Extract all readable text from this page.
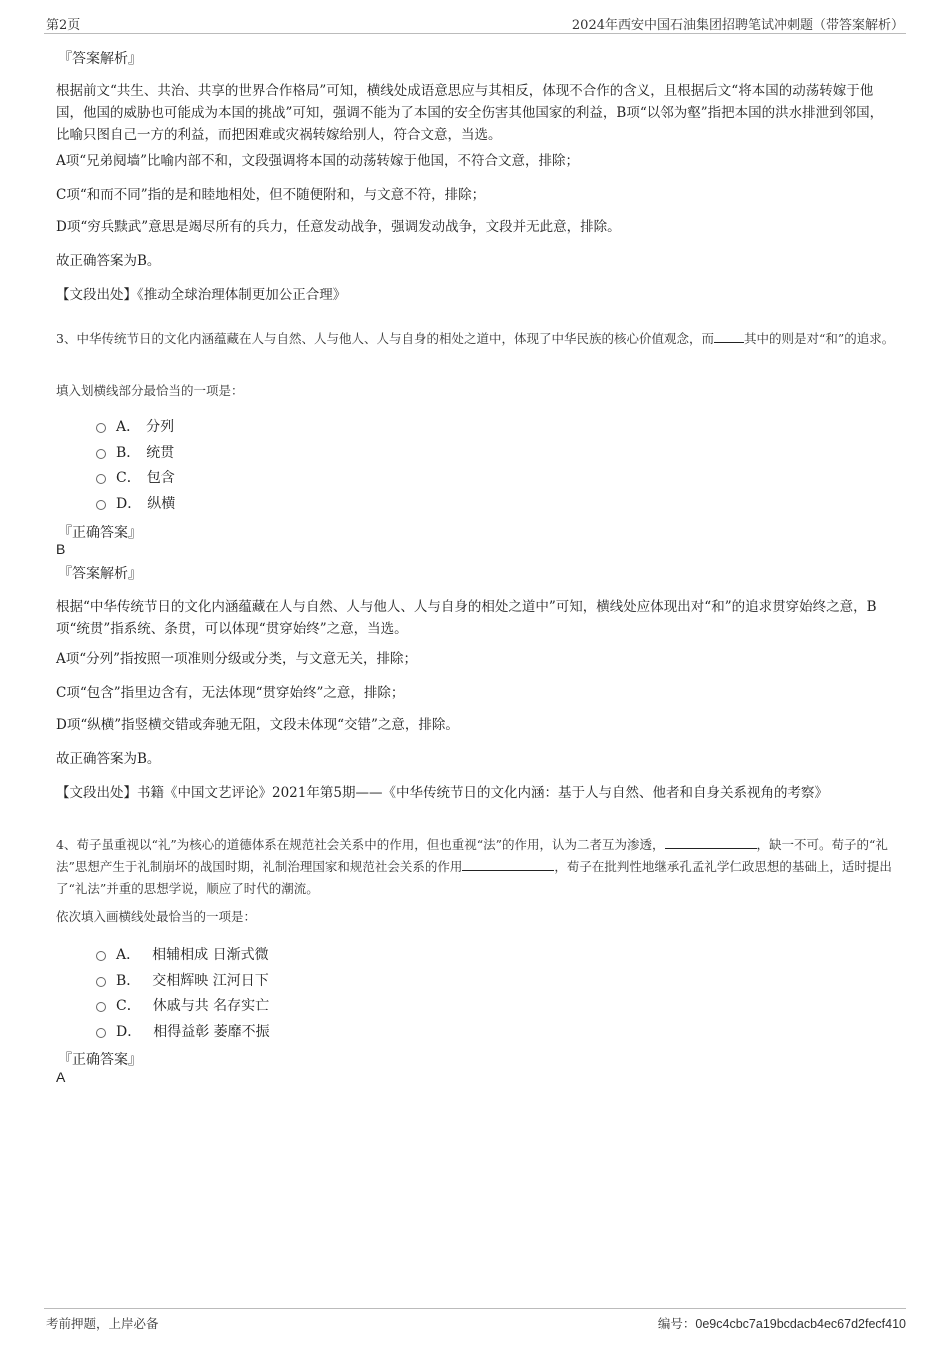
第2页	2024年西安中国石油集团招聘笔试冲刺题（带答案解析）
『答案解析』
根据前文“共生、共治、共享的世界合作格局”可知，横线处成语意思应与其相反，体现不合作的含义，且根据后文“将本国的动荡转嫁于他国，他国的威胁也可能成为本国的挑战”可知，强调不能为了本国的安全伤害其他国家的利益，B项“以邻为壑”指把本国的洪水排泄到邻国，比喻只图自己一方的利益，而把困难或灾祸转嫁给别人，符合文意，当选。
A项“兄弟阋墙”比喻内部不和，文段强调将本国的动荡转嫁于他国，不符合文意，排除；
C项“和而不同”指的是和睦地相处，但不随便附和，与文意不符，排除；
D项“穷兵黩武”意思是竭尽所有的兵力，任意发动战争，强调发动战争，文段并无此意，排除。
故正确答案为B。
【文段出处】《推动全球治理体制更加公正合理》
3、中华传统节日的文化内涵蕴藏在人与自然、人与他人、人与自身的相处之道中，体现了中华民族的核心价值观念，而 其中的则是对“和”的追求。
填入划横线部分最恰当的一项是：
A． 分列
B． 统贯
C． 包含
D． 纵横
『正确答案』
B
『答案解析』
根据“中华传统节日的文化内涵蕴藏在人与自然、人与他人、人与自身的相处之道中”可知，横线处应体现出对“和”的追求贯穿始终之意，B项“统贯”指系统、条贯，可以体现“贯穿始终”之意，当选。
A项“分列”指按照一项准则分级或分类，与文意无关，排除；
C项“包含”指里边含有，无法体现“贯穿始终”之意，排除；
D项“纵横”指竖横交错或奔驰无阻，文段未体现“交错”之意，排除。
故正确答案为B。
【文段出处】书籍《中国文艺评论》2021年第5期——《中华传统节日的文化内涵：基于人与自然、他者和自身关系视角的考察》
4、荀子虽重视以“礼”为核心的道德体系在规范社会关系中的作用，但也重视“法”的作用，认为二者互为渗透，	，缺一不可。荀子的“礼法”思想产生于礼制崩坏的战国时期，礼制治理国家和规范社会关系的作用	，荀子在批判性地继承孔孟礼学仁政思想的基础上，适时提出了“礼法”并重的思想学说，顺应了时代的潮流。
依次填入画横线处最恰当的一项是：
A． 相辅相成 日渐式微
B． 交相辉映 江河日下
C． 休戚与共 名存实亡
D． 相得益彰 萎靡不振
『正确答案』
A
考前押题，上岸必备	编号：0e9c4cbc7a19bcdacb4ec67d2fecf410
